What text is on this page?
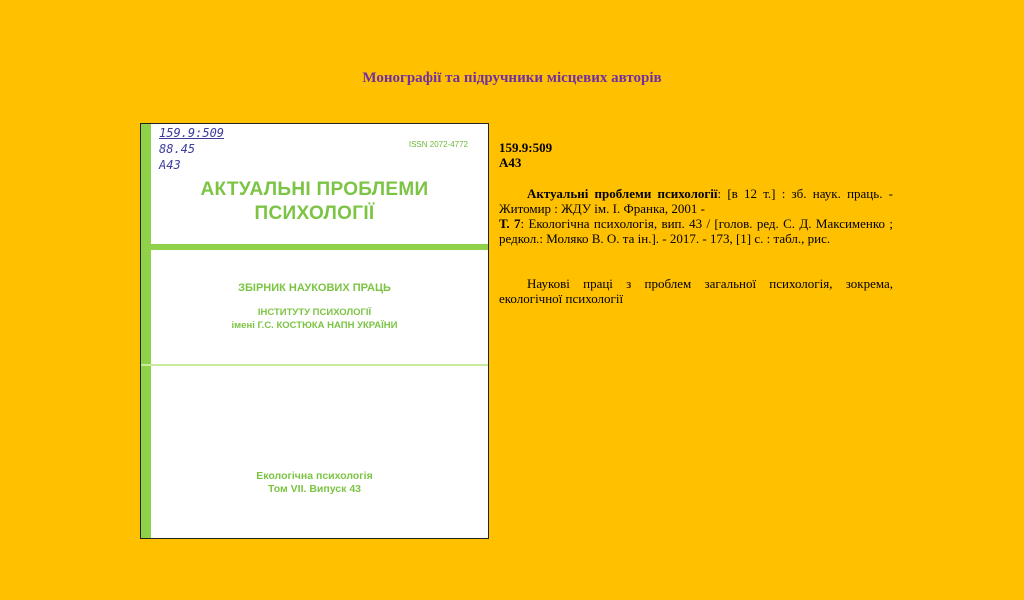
Монографії та підручники місцевих авторів
159.9:509
88.45
А43
ISSN 2072-4772
АКТУАЛЬНІ ПРОБЛЕМИ
ПСИХОЛОГІЇ
ЗБІРНИК НАУКОВИХ ПРАЦЬ
ІНСТИТУТУ ПСИХОЛОГІЇ
імені Г.С. КОСТЮКА НАПН УКРАЇНИ
Екологічна психологія
Том VII. Випуск 43
159.9:509
А43

Актуальні проблеми психології: [в 12 т.] : зб. наук. праць. - Житомир : ЖДУ ім. І. Франка, 2001 -
Т. 7: Екологічна психологія, вип. 43 / [голов. ред. С. Д. Максименко ; редкол.: Моляко В. О. та ін.]. - 2017. - 173, [1] с. : табл., рис.

Наукові праці з проблем загальної психологія, зокрема, екологічної психології
